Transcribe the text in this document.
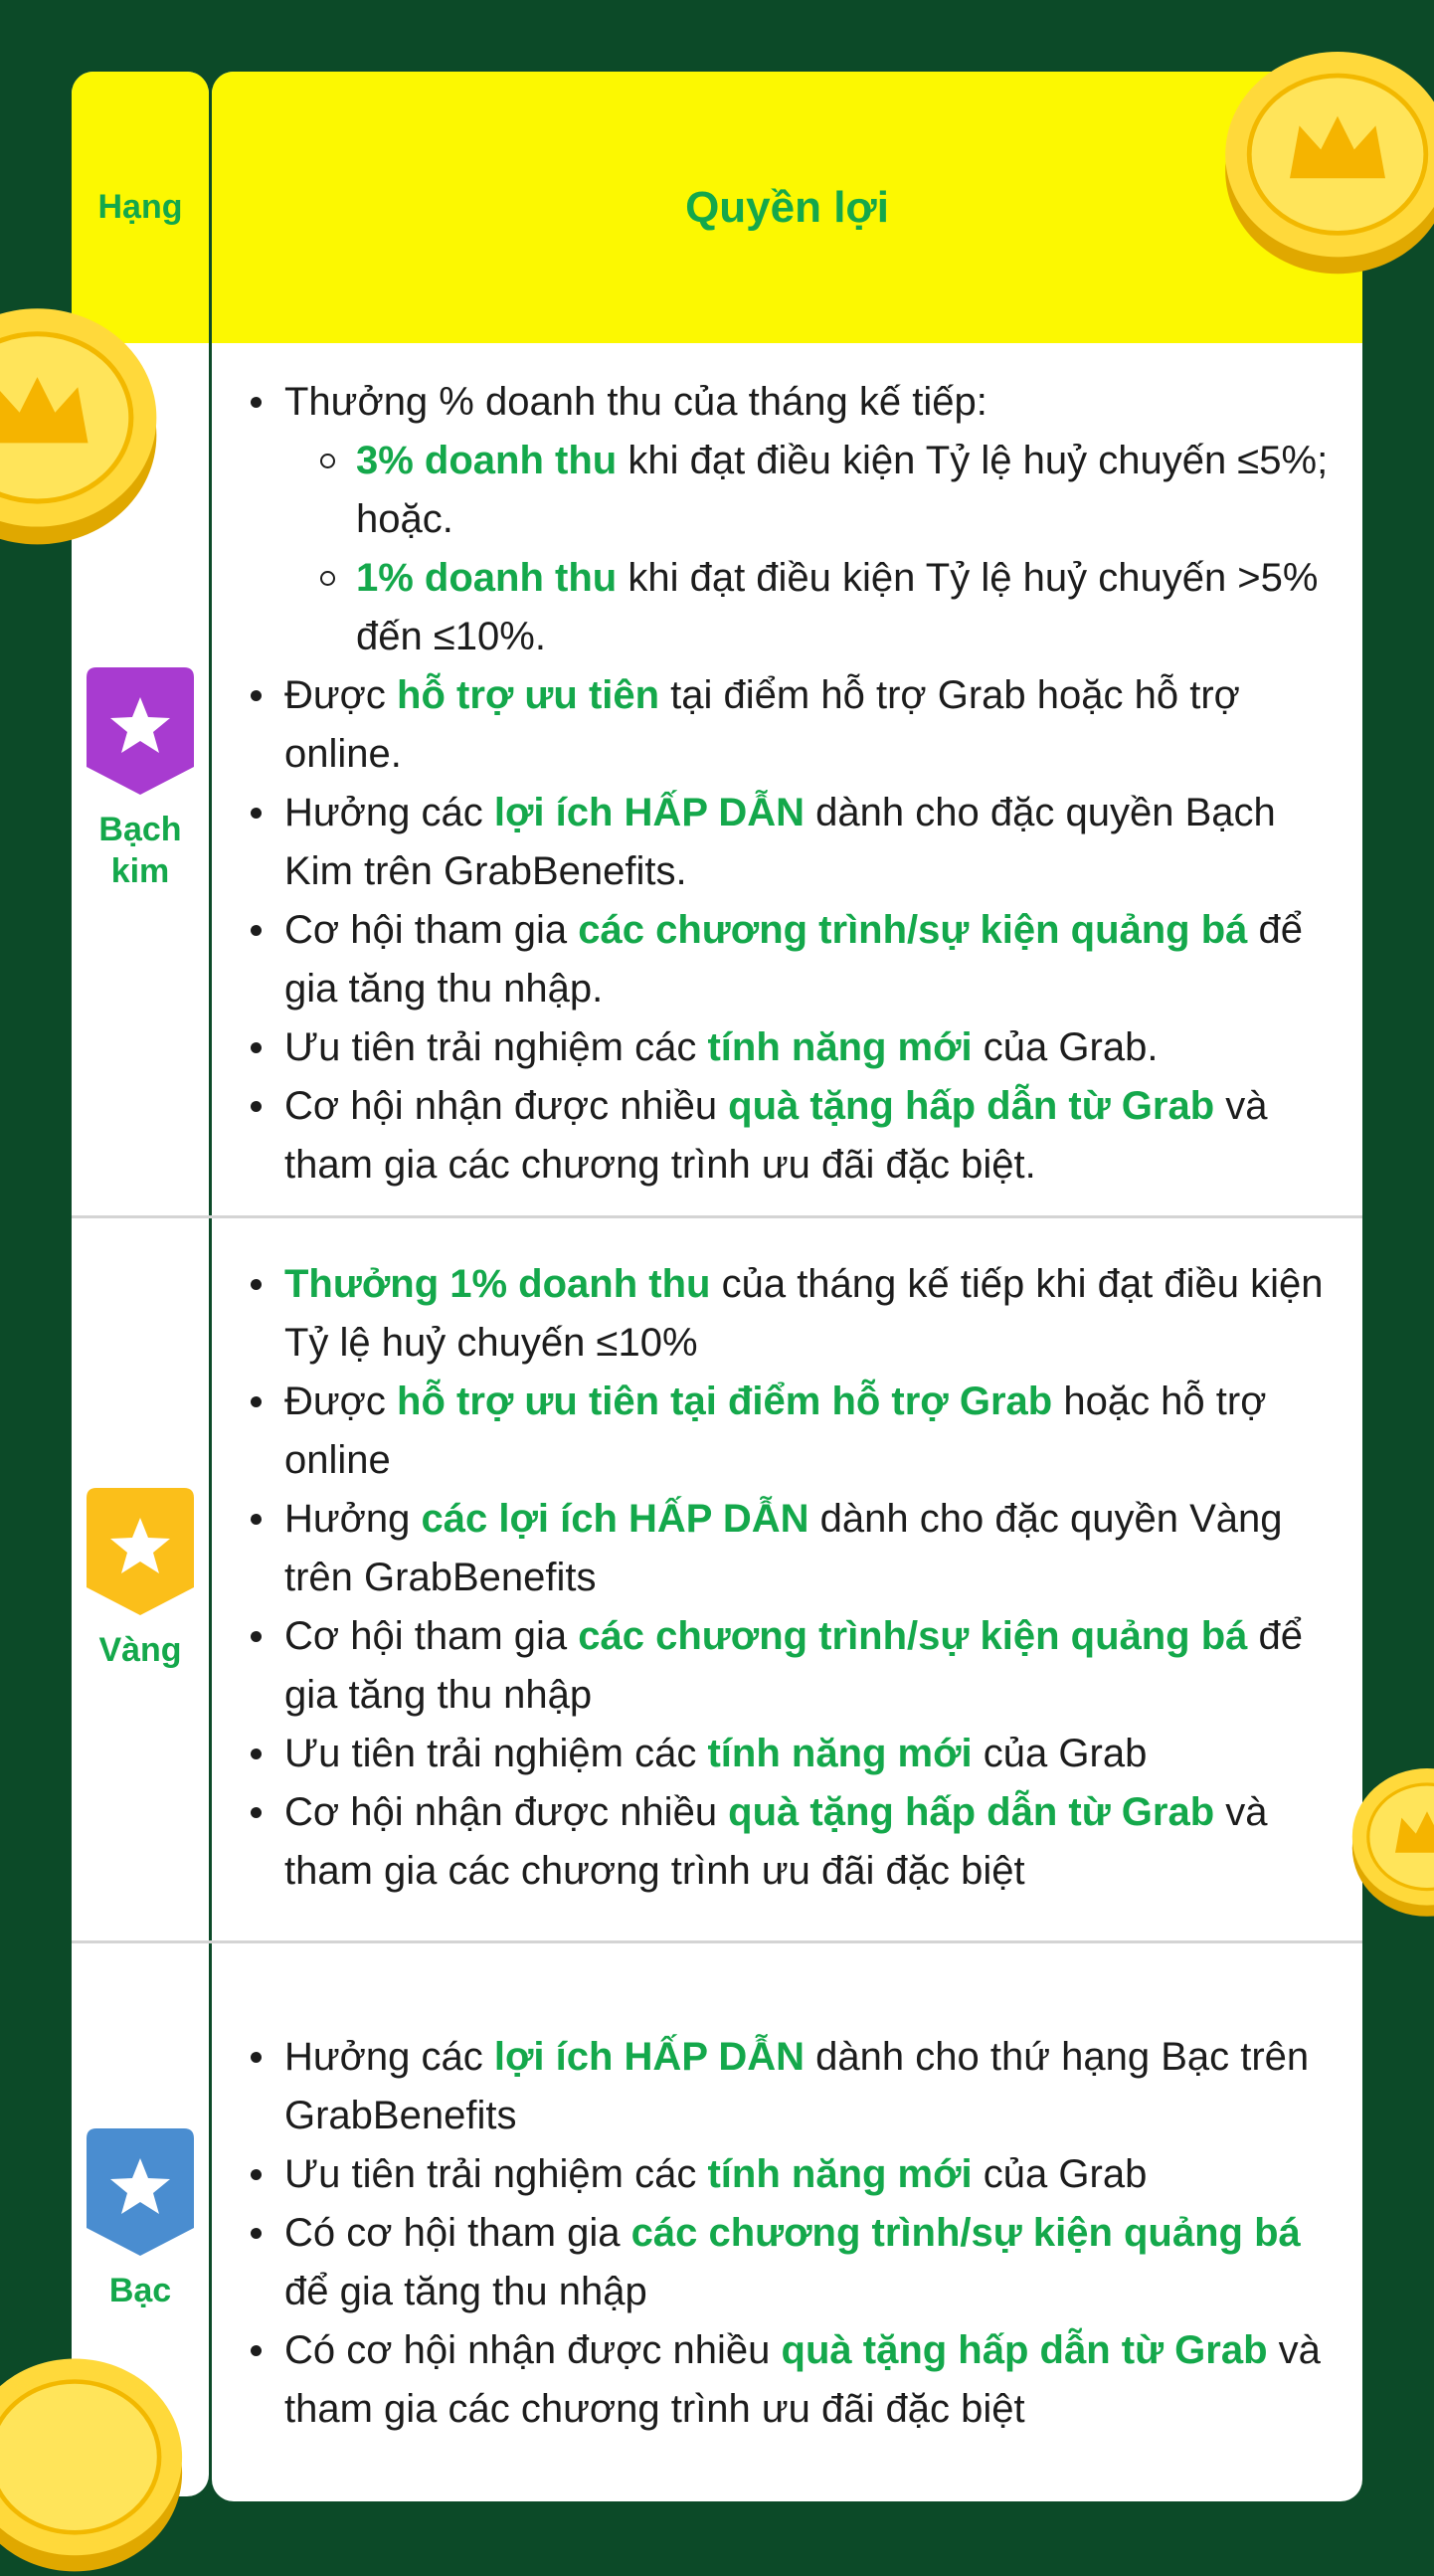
Hạng	Quyền lợi
Bạch kim
Thưởng % doanh thu của tháng kế tiếp:
3% doanh thu khi đạt điều kiện Tỷ lệ huỷ chuyến ≤5%; hoặc.
1% doanh thu khi đạt điều kiện Tỷ lệ huỷ chuyến >5% đến ≤10%.
Được hỗ trợ ưu tiên tại điểm hỗ trợ Grab hoặc hỗ trợ online.
Hưởng các lợi ích HẤP DẪN dành cho đặc quyền Bạch Kim trên GrabBenefits.
Cơ hội tham gia các chương trình/sự kiện quảng bá để gia tăng thu nhập.
Ưu tiên trải nghiệm các tính năng mới của Grab.
Cơ hội nhận được nhiều quà tặng hấp dẫn từ Grab và tham gia các chương trình ưu đãi đặc biệt.
Vàng
Thưởng 1% doanh thu của tháng kế tiếp khi đạt điều kiện Tỷ lệ huỷ chuyến ≤10%
Được hỗ trợ ưu tiên tại điểm hỗ trợ Grab hoặc hỗ trợ online
Hưởng các lợi ích HẤP DẪN dành cho đặc quyền Vàng trên GrabBenefits
Cơ hội tham gia các chương trình/sự kiện quảng bá để gia tăng thu nhập
Ưu tiên trải nghiệm các tính năng mới của Grab
Cơ hội nhận được nhiều quà tặng hấp dẫn từ Grab và tham gia các chương trình ưu đãi đặc biệt
Bạc
Hưởng các lợi ích HẤP DẪN dành cho thứ hạng Bạc trên GrabBenefits
Ưu tiên trải nghiệm các tính năng mới của Grab
Có cơ hội tham gia các chương trình/sự kiện quảng bá để gia tăng thu nhập
Có cơ hội nhận được nhiều quà tặng hấp dẫn từ Grab và tham gia các chương trình ưu đãi đặc biệt
